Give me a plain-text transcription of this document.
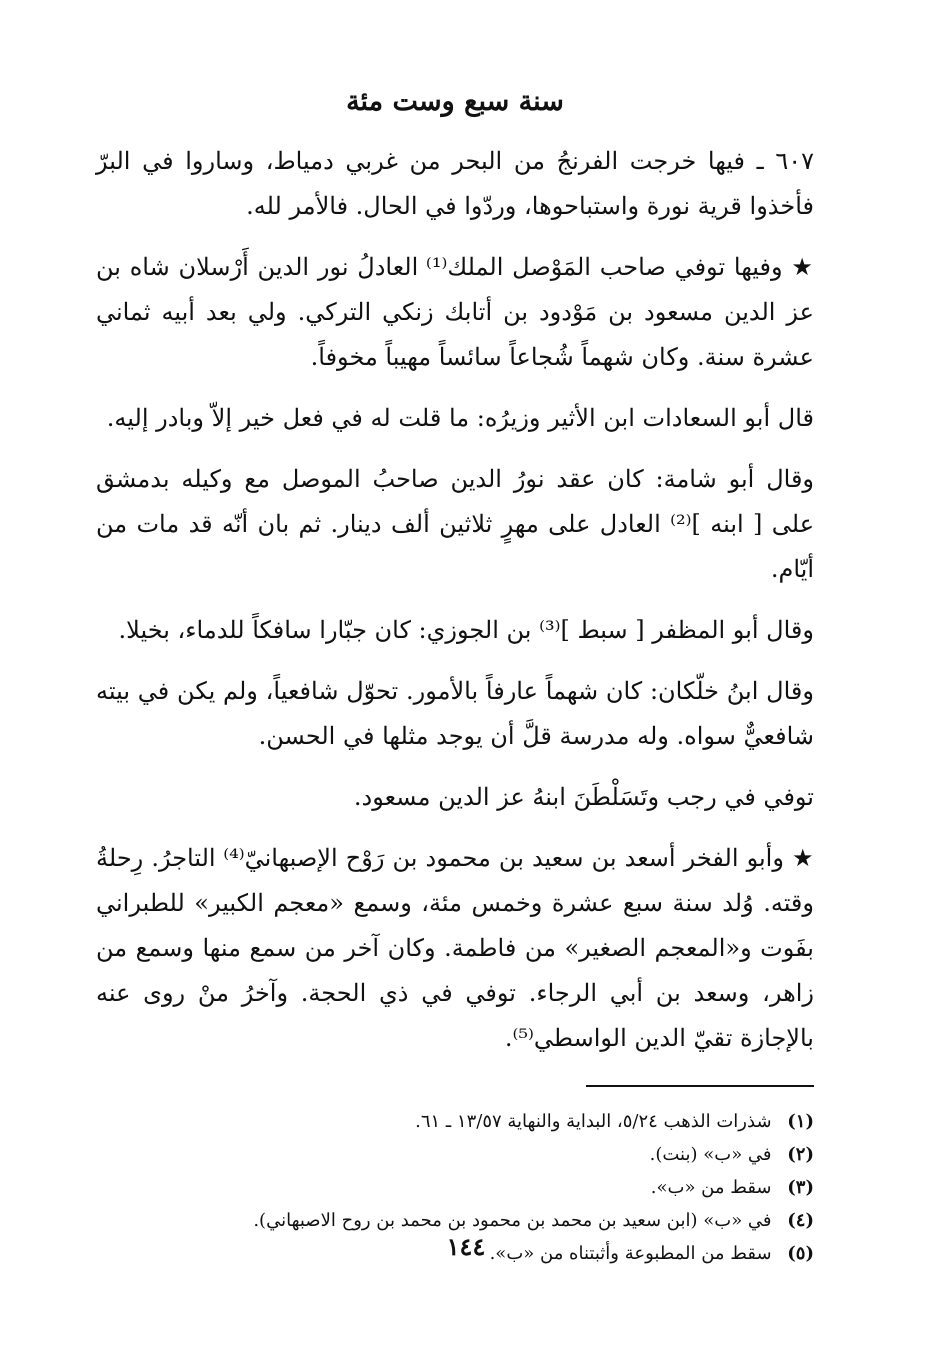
سنة سبع وست مئة

٦٠٧ ـ فيها خرجت الفرنجُ من البحر من غربي دمياط، وساروا في البرّ فأخذوا قرية نورة واستباحوها، وردّوا في الحال. فالأمر لله.

★ وفيها توفي صاحب المَوْصل الملك⁽¹⁾ العادلُ نور الدين أَرْسلان شاه بن عز الدين مسعود بن مَوْدود بن أتابك زنكي التركي. ولي بعد أبيه ثماني عشرة سنة. وكان شهماً شُجاعاً سائساً مهيباً مخوفاً.

قال أبو السعادات ابن الأثير وزيرُه: ما قلت له في فعل خير إلاّ وبادر إليه.

وقال أبو شامة: كان عقد نورُ الدين صاحبُ الموصل مع وكيله بدمشق على [ ابنه ]⁽²⁾ العادل على مهرٍ ثلاثين ألف دينار. ثم بان أنّه قد مات من أيّام.

وقال أبو المظفر [ سبط ]⁽³⁾ بن الجوزي: كان جبّارا سافكاً للدماء، بخيلا.

وقال ابنُ خلّكان: كان شهماً عارفاً بالأمور. تحوّل شافعياً، ولم يكن في بيته شافعيٌّ سواه. وله مدرسة قلَّ أن يوجد مثلها في الحسن.

توفي في رجب وتَسَلْطَنَ ابنهُ عز الدين مسعود.

★ وأبو الفخر أسعد بن سعيد بن محمود بن رَوْح الإصبهانيّ⁽⁴⁾ التاجرُ. رِحلةُ وقته. وُلد سنة سبع عشرة وخمس مئة، وسمع «معجم الكبير» للطبراني بفَوت و«المعجم الصغير» من فاطمة. وكان آخر من سمع منها وسمع من زاهر، وسعد بن أبي الرجاء. توفي في ذي الحجة. وآخرُ منْ روى عنه بالإجازة تقيّ الدين الواسطي⁽⁵⁾.

(١) شذرات الذهب ٥/٢٤، البداية والنهاية ١٣/٥٧ ـ ٦١.
(٢) في «ب» (بنت).
(٣) سقط من «ب».
(٤) في «ب» (ابن سعيد بن محمد بن محمود بن محمد بن روح الاصبهاني).
(٥) سقط من المطبوعة وأثبتناه من «ب».
١٤٤
